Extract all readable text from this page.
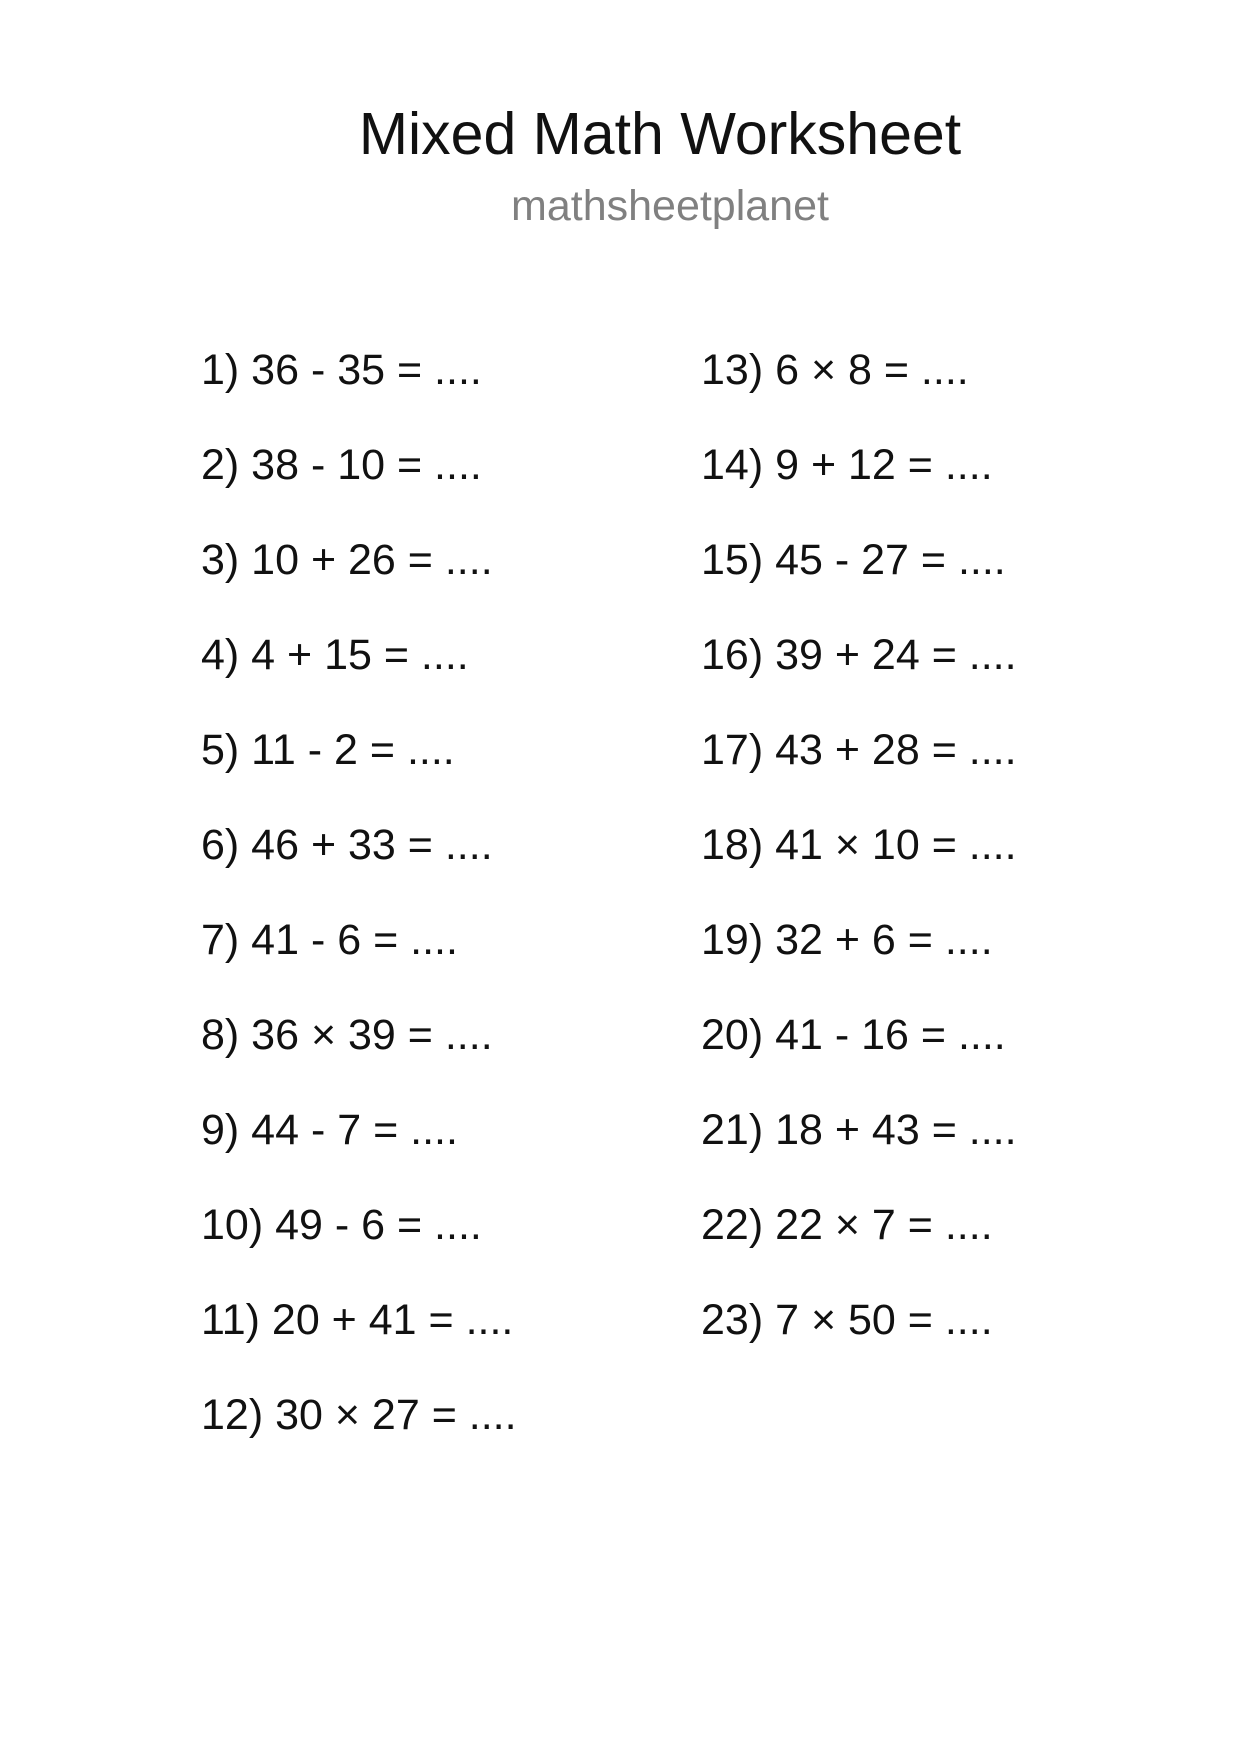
Mixed Math Worksheet
mathsheetplanet
1) 36 - 35 = ....
2) 38 - 10 = ....
3) 10 + 26 = ....
4) 4 + 15 = ....
5) 11 - 2 = ....
6) 46 + 33 = ....
7) 41 - 6 = ....
8) 36 × 39 = ....
9) 44 - 7 = ....
10) 49 - 6 = ....
11) 20 + 41 = ....
12) 30 × 27 = ....
13) 6 × 8 = ....
14) 9 + 12 = ....
15) 45 - 27 = ....
16) 39 + 24 = ....
17) 43 + 28 = ....
18) 41 × 10 = ....
19) 32 + 6 = ....
20) 41 - 16 = ....
21) 18 + 43 = ....
22) 22 × 7 = ....
23) 7 × 50 = ....
